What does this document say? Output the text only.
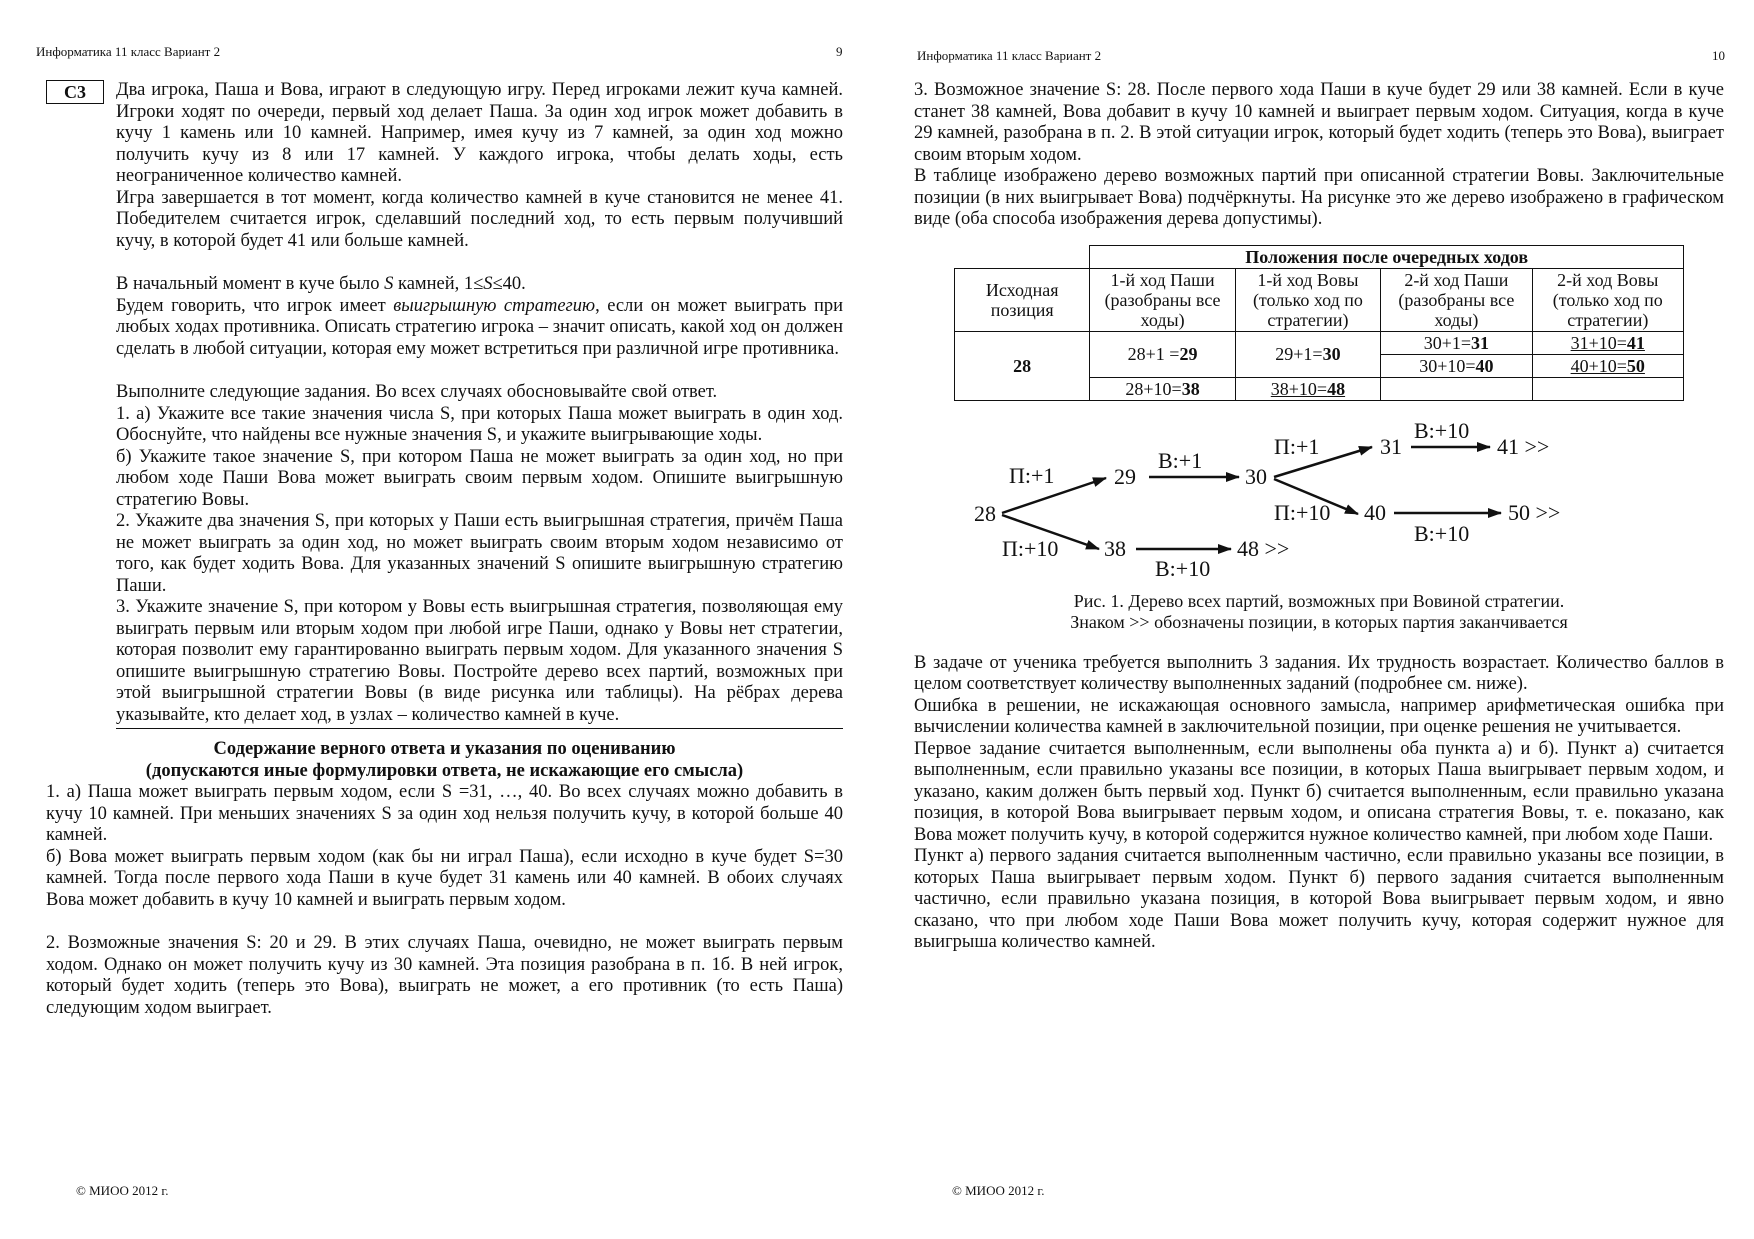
Информатика 11 класс Вариант 2	9
С3	Два игрока, Паша и Вова, играют в следующую игру. Перед игроками лежит куча камней. Игроки ходят по очереди, первый ход делает Паша. За один ход игрок может добавить в кучу 1 камень или 10 камней. Например, имея кучу из 7 камней, за один ход можно получить кучу из 8 или 17 камней. У каждого игрока, чтобы делать ходы, есть неограниченное количество камней.

Игра завершается в тот момент, когда количество камней в куче становится не менее 41. Победителем считается игрок, сделавший последний ход, то есть первым получивший кучу, в которой будет 41 или больше камней.

В начальный момент в куче было S камней, 1≤S≤40.

Будем говорить, что игрок имеет выигрышную стратегию, если он может выиграть при любых ходах противника. Описать стратегию игрока – значит описать, какой ход он должен сделать в любой ситуации, которая ему может встретиться при различной игре противника.

Выполните следующие задания. Во всех случаях обосновывайте свой ответ.

1. а) Укажите все такие значения числа S, при которых Паша может выиграть в один ход. Обоснуйте, что найдены все нужные значения S, и укажите выигрывающие ходы.

б) Укажите такое значение S, при котором Паша не может выиграть за один ход, но при любом ходе Паши Вова может выиграть своим первым ходом. Опишите выигрышную стратегию Вовы.

2. Укажите два значения S, при которых у Паши есть выигрышная стратегия, причём Паша не может выиграть за один ход, но может выиграть своим вторым ходом независимо от того, как будет ходить Вова. Для указанных значений S опишите выигрышную стратегию Паши.

3. Укажите значение S, при котором у Вовы есть выигрышная стратегия, позволяющая ему выиграть первым или вторым ходом при любой игре Паши, однако у Вовы нет стратегии, которая позволит ему гарантированно выиграть первым ходом. Для указанного значения S опишите выигрышную стратегию Вовы. Постройте дерево всех партий, возможных при этой выигрышной стратегии Вовы (в виде рисунка или таблицы). На рёбрах дерева указывайте, кто делает ход, в узлах – количество камней в куче.

Содержание верного ответа и указания по оцениванию
(допускаются иные формулировки ответа, не искажающие его смысла)

1. а) Паша может выиграть первым ходом, если S =31, …, 40. Во всех случаях можно добавить в кучу 10 камней. При меньших значениях S за один ход нельзя получить кучу, в которой больше 40 камней.

б) Вова может выиграть первым ходом (как бы ни играл Паша), если исходно в куче будет S=30 камней. Тогда после первого хода Паши в куче будет 31 камень или 40 камней. В обоих случаях Вова может добавить в кучу 10 камней и выиграть первым ходом.

2. Возможные значения S: 20 и 29. В этих случаях Паша, очевидно, не может выиграть первым ходом. Однако он может получить кучу из 30 камней. Эта позиция разобрана в п. 1б. В ней игрок, который будет ходить (теперь это Вова), выиграть не может, а его противник (то есть Паша) следующим ходом выиграет.

© МИОО 2012 г.
Информатика 11 класс Вариант 2	10

3. Возможное значение S: 28. После первого хода Паши в куче будет 29 или 38 камней. Если в куче станет 38 камней, Вова добавит в кучу 10 камней и выиграет первым ходом. Ситуация, когда в куче 29 камней, разобрана в п. 2. В этой ситуации игрок, который будет ходить (теперь это Вова), выиграет своим вторым ходом.

В таблице изображено дерево возможных партий при описанной стратегии Вовы. Заключительные позиции (в них выигрывает Вова) подчёркнуты. На рисунке это же дерево изображено в графическом виде (оба способа изображения дерева допустимы).

	Положения после очередных ходов			
Исходная позиция	1-й ход Паши (разобраны все ходы)	1-й ход Вовы (только ход по стратегии)	2-й ход Паши (разобраны все ходы)	2-й ход Вовы (только ход по стратегии)
28	28+1 =29	29+1=30	30+1=31	31+10=41
			30+10=40	40+10=50
	28+10=38	38+10=48		
28
29	30
31	41 >>
40	50 >>
38	48 >>
П:+1
П:+10
В:+1
П:+1
П:+10
В:+10
В:+10
В:+10
Рис. 1. Дерево всех партий, возможных при Вовиной стратегии.
Знаком >> обозначены позиции, в которых партия заканчивается

В задаче от ученика требуется выполнить 3 задания. Их трудность возрастает. Количество баллов в целом соответствует количеству выполненных заданий (подробнее см. ниже).

Ошибка в решении, не искажающая основного замысла, например арифметическая ошибка при вычислении количества камней в заключительной позиции, при оценке решения не учитывается.

Первое задание считается выполненным, если выполнены оба пункта а) и б). Пункт а) считается выполненным, если правильно указаны все позиции, в которых Паша выигрывает первым ходом, и указано, каким должен быть первый ход. Пункт б) считается выполненным, если правильно указана позиция, в которой Вова выигрывает первым ходом, и описана стратегия Вовы, т. е. показано, как Вова может получить кучу, в которой содержится нужное количество камней, при любом ходе Паши.

Пункт а) первого задания считается выполненным частично, если правильно указаны все позиции, в которых Паша выигрывает первым ходом. Пункт б) первого задания считается выполненным частично, если правильно указана позиция, в которой Вова выигрывает первым ходом, и явно сказано, что при любом ходе Паши Вова может получить кучу, которая содержит нужное для выигрыша количество камней.

© МИОО 2012 г.
